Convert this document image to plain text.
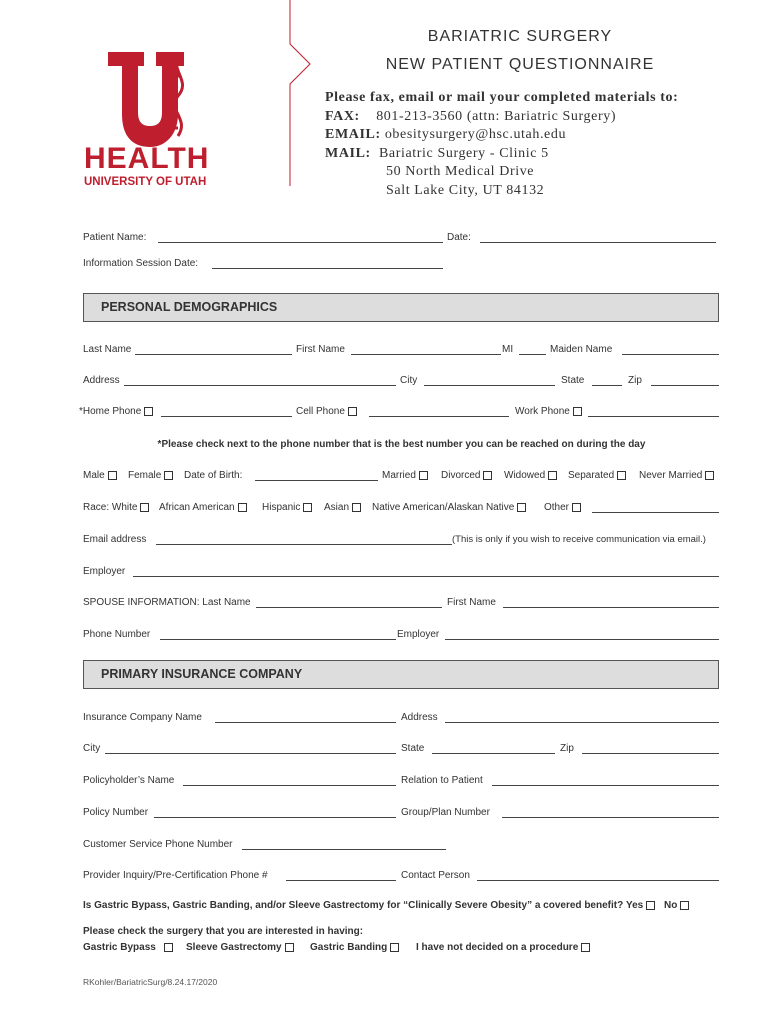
HEALTH
UNIVERSITY OF UTAH
BARIATRIC SURGERY
NEW PATIENT QUESTIONNAIRE
Please fax, email or mail your completed materials to:
FAX: 801-213-3560 (attn: Bariatric Surgery)
EMAIL: obesitysurgery@hsc.utah.edu
MAIL: Bariatric Surgery - Clinic 5
50 North Medical Drive
Salt Lake City, UT 84132
Patient Name:	Date:
Information Session Date:
PERSONAL DEMOGRAPHICS
Last Name	First Name	MI	Maiden Name
Address	City	State	Zip
*Home Phone	Cell Phone	Work Phone
*Please check next to the phone number that is the best number you can be reached on during the day
Male	Female	Date of Birth:	Married	Divorced	Widowed	Separated	Never Married
Race: White	African American	Hispanic	Asian	Native American/Alaskan Native	Other
Email address	(This is only if you wish to receive communication via email.)
Employer
SPOUSE INFORMATION: Last Name	First Name
Phone Number	Employer
PRIMARY INSURANCE COMPANY
Insurance Company Name	Address
City	State	Zip
Policyholder’s Name	Relation to Patient
Policy Number	Group/Plan Number
Customer Service Phone Number
Provider Inquiry/Pre-Certification Phone #	Contact Person
Is Gastric Bypass, Gastric Banding, and/or Sleeve Gastrectomy for “Clinically Severe Obesity” a covered benefit? Yes	No
Please check the surgery that you are interested in having:
Gastric Bypass	Sleeve Gastrectomy	Gastric Banding	I have not decided on a procedure
RKohler/BariatricSurg/8.24.17/2020
